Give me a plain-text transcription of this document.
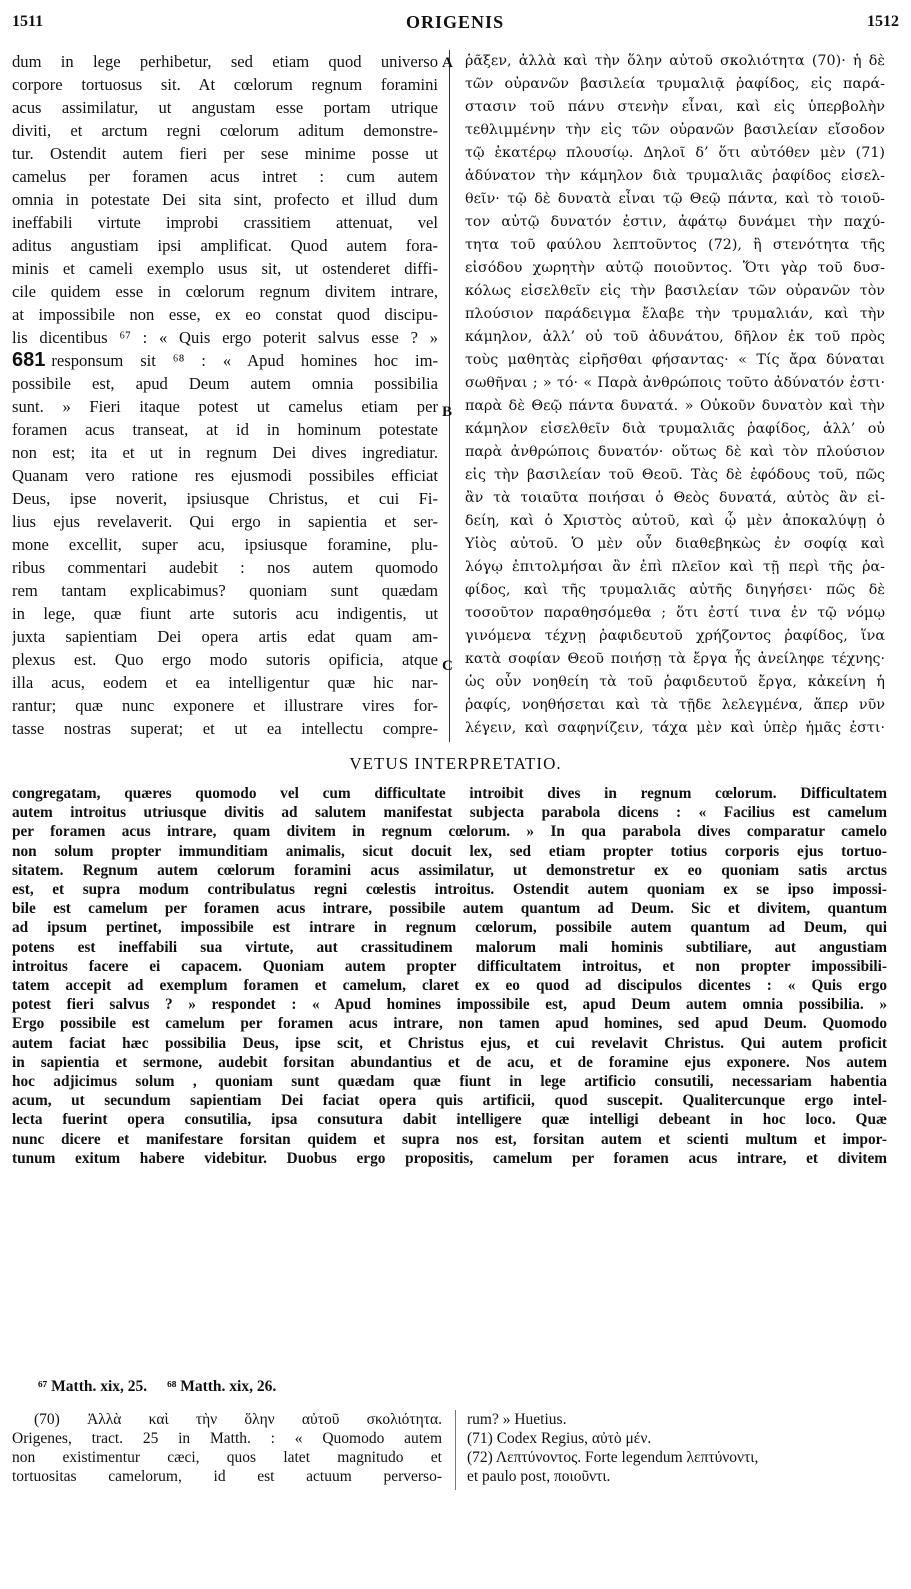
1511	ORIGENIS	1512

dum in lege perhibetur, sed etiam quod universo

corpore tortuosus sit. At cœlorum regnum foramini

acus assimilatur, ut angustam esse portam utrique

diviti, et arctum regni cœlorum aditum demonstre-

tur. Ostendit autem fieri per sese minime posse ut

camelus per foramen acus intret : cum autem

omnia in potestate Dei sita sint, profecto et illud dum

ineffabili virtute improbi crassitiem attenuat, vel

aditus angustiam ipsi amplificat. Quod autem fora-

minis et cameli exemplo usus sit, ut ostenderet diffi-

cile quidem esse in cœlorum regnum divitem intrare,

at impossibile non esse, ex eo constat quod discipu-

lis dicentibus ⁶⁷ : « Quis ergo poterit salvus esse ? »

681 responsum sit ⁶⁸ : « Apud homines hoc im-

possibile est, apud Deum autem omnia possibilia

sunt. » Fieri itaque potest ut camelus etiam per

foramen acus transeat, at id in hominum potestate

non est; ita et ut in regnum Dei dives ingrediatur.

Quanam vero ratione res ejusmodi possibiles efficiat

Deus, ipse noverit, ipsiusque Christus, et cui Fi-

lius ejus revelaverit. Qui ergo in sapientia et ser-

mone excellit, super acu, ipsiusque foramine, plu-

ribus commentari audebit : nos autem quomodo

rem tantam explicabimus? quoniam sunt quædam

in lege, quæ fiunt arte sutoris acu indigentis, ut

juxta sapientiam Dei opera artis edat quam am-

plexus est. Quo ergo modo sutoris opificia, atque

illa acus, eodem et ea intelligentur quæ hic nar-

rantur; quæ nunc exponere et illustrare vires for-

tasse nostras superat; et ut ea intellectu compre-

ῥᾶξεν, ἀλλὰ καὶ τὴν ὅλην αὐτοῦ σκολιότητα (70)· ἡ δὲ

τῶν οὐρανῶν βασιλεία τρυμαλιᾷ ῥαφίδος, εἰς παρά-

στασιν τοῦ πάνυ στενὴν εἶναι, καὶ εἰς ὑπερβολὴν

τεθλιμμένην τὴν εἰς τῶν οὐρανῶν βασιλείαν εἴσοδον

τῷ ἑκατέρῳ πλουσίῳ. Δηλοῖ δ’ ὅτι αὐτόθεν μὲν (71)

ἀδύνατον τὴν κάμηλον διὰ τρυμαλιᾶς ῥαφίδος εἰσελ-

θεῖν· τῷ δὲ δυνατὰ εἶναι τῷ Θεῷ πάντα, καὶ τὸ τοιοῦ-

τον αὐτῷ δυνατόν ἐστιν, ἀφάτῳ δυνάμει τὴν παχύ-

τητα τοῦ φαύλου λεπτοῦντος (72), ἢ στενότητα τῆς

εἰσόδου χωρητὴν αὐτῷ ποιοῦντος. Ὅτι γὰρ τοῦ δυσ-

κόλως εἰσελθεῖν εἰς τὴν βασιλείαν τῶν οὐρανῶν τὸν

πλούσιον παράδειγμα ἔλαβε τὴν τρυμαλιάν, καὶ τὴν

κάμηλον, ἀλλ’ οὐ τοῦ ἀδυνάτου, δῆλον ἐκ τοῦ πρὸς

τοὺς μαθητὰς εἰρῆσθαι φήσαντας· « Τίς ἄρα δύναται

σωθῆναι ; » τό· « Παρὰ ἀνθρώποις τοῦτο ἀδύνατόν ἐστι·

παρὰ δὲ Θεῷ πάντα δυνατά. » Οὐκοῦν δυνατὸν καὶ τὴν

κάμηλον εἰσελθεῖν διὰ τρυμαλιᾶς ῥαφίδος, ἀλλ’ οὐ

παρὰ ἀνθρώποις δυνατόν· οὕτως δὲ καὶ τὸν πλούσιον

εἰς τὴν βασιλείαν τοῦ Θεοῦ. Τὰς δὲ ἐφόδους τοῦ, πῶς

ἂν τὰ τοιαῦτα ποιήσαι ὁ Θεὸς δυνατά, αὐτὸς ἂν εἰ-

δείη, καὶ ὁ Χριστὸς αὐτοῦ, καὶ ᾧ μὲν ἀποκαλύψῃ ὁ

Υἱὸς αὐτοῦ. Ὁ μὲν οὖν διαθεβηκὼς ἐν σοφίᾳ καὶ

λόγῳ ἐπιτολμήσαι ἂν ἐπὶ πλεῖον καὶ τῇ περὶ τῆς ῥα-

φίδος, καὶ τῆς τρυμαλιᾶς αὐτῆς διηγήσει· πῶς δὲ

τοσοῦτον παραθησόμεθα ; ὅτι ἐστί τινα ἐν τῷ νόμῳ

γινόμενα τέχνῃ ῥαφιδευτοῦ χρήζοντος ῥαφίδος, ἵνα

κατὰ σοφίαν Θεοῦ ποιήσῃ τὰ ἔργα ἧς ἀνείληφε τέχνης·

ὡς οὖν νοηθείη τὰ τοῦ ῥαφιδευτοῦ ἔργα, κἀκείνη ἡ

ῥαφίς, νοηθήσεται καὶ τὰ τῇδε λελεγμένα, ἅπερ νῦν

λέγειν, καὶ σαφηνίζειν, τάχα μὲν καὶ ὑπὲρ ἡμᾶς ἐστι·

A
B
C
VETUS INTERPRETATIO.

congregatam, quæres quomodo vel cum difficultate introibit dives in regnum cœlorum. Difficultatem

autem introitus utriusque divitis ad salutem manifestat subjecta parabola dicens : « Facilius est camelum

per foramen acus intrare, quam divitem in regnum cœlorum. » In qua parabola dives comparatur camelo

non solum propter immunditiam animalis, sicut docuit lex, sed etiam propter totius corporis ejus tortuo-

sitatem. Regnum autem cœlorum foramini acus assimilatur, ut demonstretur ex eo quoniam satis arctus

est, et supra modum contribulatus regni cœlestis introitus. Ostendit autem quoniam ex se ipso impossi-

bile est camelum per foramen acus intrare, possibile autem quantum ad Deum. Sic et divitem, quantum

ad ipsum pertinet, impossibile est intrare in regnum cœlorum, possibile autem quantum ad Deum, qui

potens est ineffabili sua virtute, aut crassitudinem malorum mali hominis subtiliare, aut angustiam

introitus facere ei capacem. Quoniam autem propter difficultatem introitus, et non propter impossibili-

tatem accepit ad exemplum foramen et camelum, claret ex eo quod ad discipulos dicentes : « Quis ergo

potest fieri salvus ? » respondet : « Apud homines impossibile est, apud Deum autem omnia possibilia. »

Ergo possibile est camelum per foramen acus intrare, non tamen apud homines, sed apud Deum. Quomodo

autem faciat hæc possibilia Deus, ipse scit, et Christus ejus, et cui revelavit Christus. Qui autem proficit

in sapientia et sermone, audebit forsitan abundantius et de acu, et de foramine ejus exponere. Nos autem

hoc adjicimus solum , quoniam sunt quædam quæ fiunt in lege artificio consutili, necessariam habentia

acum, ut secundum sapientiam Dei faciat opera quis artificii, quod suscepit. Qualitercunque ergo intel-

lecta fuerint opera consutilia, ipsa consutura dabit intelligere quæ intelligi debeant in hoc loco. Quæ

nunc dicere et manifestare forsitan quidem et supra nos est, forsitan autem et scienti multum et impor-

tunum exitum habere videbitur. Duobus ergo propositis, camelum per foramen acus intrare, et divitem

⁶⁷ Matth. xix, 25. ⁶⁸ Matth. xix, 26.

(70) Ἀλλὰ καὶ τὴν ὅλην αὐτοῦ σκολιότητα.

Origenes, tract. 25 in Matth. : « Quomodo autem

non existimentur cæci, quos latet magnitudo et

tortuositas camelorum, id est actuum perverso-

rum? » Huetius.

(71) Codex Regius, αὐτὸ μέν.

(72) Λεπτύνοντος. Forte legendum λεπτύνοντι,

et paulo post, ποιοῦντι.
